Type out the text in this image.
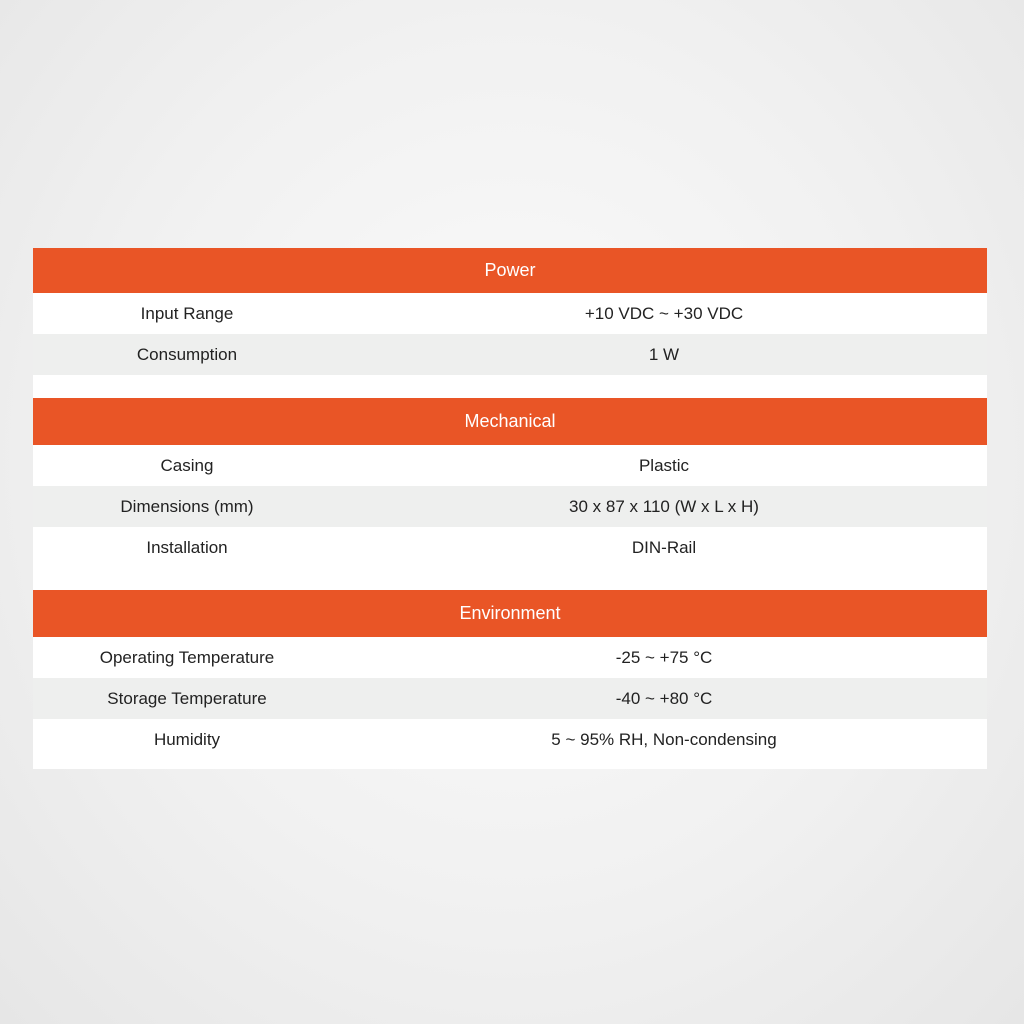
Power
Input Range	+10 VDC ~ +30 VDC
Consumption	1 W
Mechanical
Casing	Plastic
Dimensions (mm)	30 x 87 x 110 (W x L x H)
Installation	DIN-Rail
Environment
Operating Temperature	-25 ~ +75 °C
Storage Temperature	-40 ~ +80 °C
Humidity	5 ~ 95% RH, Non-condensing
